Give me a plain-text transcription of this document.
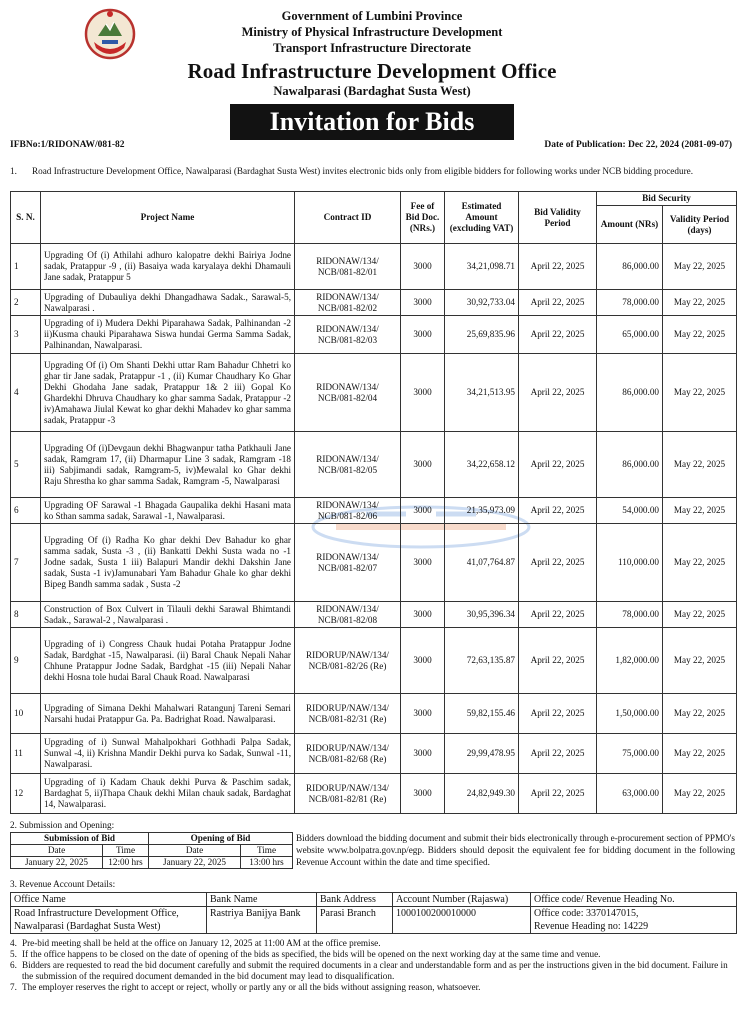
Government of Lumbini Province
Ministry of Physical Infrastructure Development
Transport Infrastructure Directorate
Road Infrastructure Development Office
Nawalparasi (Bardaghat Susta West)
Invitation for Bids
IFBNo:1/RIDONAW/081-82	Date of Publication: Dec 22, 2024 (2081-09-07)
1. Road Infrastructure Development Office, Nawalparasi (Bardaghat Susta West) invites electronic bids only from eligible bidders for following works under NCB bidding procedure.
S. N.	Project Name	Contract ID	Fee of Bid Doc. (NRs.)	Estimated Amount (excluding VAT)	Bid Validity Period	Bid Security	
						Amount (NRs)	Validity Period (days)
1	Upgrading Of (i) Athilahi adhuro kalopatre dekhi Bairiya Jodne sadak, Pratappur -9 , (ii) Basaiya wada karyalaya dekhi Dhamauli Jane sadak, Pratappur 5	RIDONAW/134/ NCB/081-82/01	3000	34,21,098.71	April 22, 2025	86,000.00	May 22, 2025
2	Upgrading of Dubauliya dekhi Dhangadhawa Sadak., Sarawal-5, Nawalparasi .	RIDONAW/134/ NCB/081-82/02	3000	30,92,733.04	April 22, 2025	78,000.00	May 22, 2025
3	Upgrading of i) Mudera Dekhi Piparahawa Sadak, Palhinandan -2 ii)Kusma chauki Piparahawa Siswa hundai Germa Samma Sadak, Palhinandan, Nawalparasi.	RIDONAW/134/ NCB/081-82/03	3000	25,69,835.96	April 22, 2025	65,000.00	May 22, 2025
4	Upgrading Of (i) Om Shanti Dekhi uttar Ram Bahadur Chhetri ko ghar tir Jane sadak, Pratappur -1 , (ii) Kumar Chaudhary Ko Ghar Dekhi Ghodaha Jane sadak, Pratappur 1& 2 iii) Gopal Ko Ghardekhi Dhruva Chaudhary ko ghar samma Sadak, Pratappur -2 iv)Amahawa Jiulal Kewat ko ghar dekhi Mahadev ko ghar samma sadak, Pratappur -3	RIDONAW/134/ NCB/081-82/04	3000	34,21,513.95	April 22, 2025	86,000.00	May 22, 2025
5	Upgrading Of (i)Devgaun dekhi Bhagwanpur tatha Patkhauli Jane sadak, Ramgram 17, (ii) Dharmapur Line 3 sadak, Ramgram -18 iii) Sabjimandi sadak, Ramgram-5, iv)Mewalal ko Ghar dekhi Raju Shrestha ko ghar samma Sadak, Ramgram -5, Nawalparasi	RIDONAW/134/ NCB/081-82/05	3000	34,22,658.12	April 22, 2025	86,000.00	May 22, 2025
6	Upgrading OF Sarawal -1 Bhagada Gaupalika dekhi Hasani mata ko Sthan samma sadak, Sarawal -1, Nawalparasi.	RIDONAW/134/ NCB/081-82/06	3000	21,35,973.09	April 22, 2025	54,000.00	May 22, 2025
7	Upgrading Of (i) Radha Ko ghar dekhi Dev Bahadur ko ghar samma sadak, Susta -3 , (ii) Bankatti Dekhi Susta wada no -1 Jodne sadak, Susta 1 iii) Balapuri Mandir dekhi Dakshin Jane sadak, Susta -1 iv)Jamunabari Yam Bahadur Ghale ko ghar dekhi Bipeg Bandh samma sadak , Susta -2	RIDONAW/134/ NCB/081-82/07	3000	41,07,764.87	April 22, 2025	110,000.00	May 22, 2025
8	Construction of Box Culvert in Tilauli dekhi Sarawal Bhimtandi Sadak., Sarawal-2 , Nawalparasi .	RIDONAW/134/ NCB/081-82/08	3000	30,95,396.34	April 22, 2025	78,000.00	May 22, 2025
9	Upgrading of i) Congress Chauk hudai Potaha Pratappur Jodne Sadak, Bardghat -15, Nawalparasi. (ii) Baral Chauk Nepali Nahar Chhune Pratappur Jodne Sadak, Bardghat -15 (iii) Nepali Nahar dekhi Hosna tole hudai Baral Chauk Road. Nawalparasi	RIDORUP/NAW/134/ NCB/081-82/26 (Re)	3000	72,63,135.87	April 22, 2025	1,82,000.00	May 22, 2025
10	Upgrading of Simana Dekhi Mahalwari Ratangunj Tareni Semari Narsahi hudai Pratappur Ga. Pa. Badrighat Road. Nawalparasi.	RIDORUP/NAW/134/ NCB/081-82/31 (Re)	3000	59,82,155.46	April 22, 2025	1,50,000.00	May 22, 2025
11	Upgrading of i) Sunwal Mahalpokhari Gothhadi Palpa Sadak, Sunwal -4, ii) Krishna Mandir Dekhi purva ko Sadak, Sunwal -11, Nawalparasi.	RIDORUP/NAW/134/ NCB/081-82/68 (Re)	3000	29,99,478.95	April 22, 2025	75,000.00	May 22, 2025
12	Upgrading of i) Kadam Chauk dekhi Purva & Paschim sadak, Bardaghat 5, ii)Thapa Chauk dekhi Milan chauk sadak, Bardaghat 14, Nawalparasi.	RIDORUP/NAW/134/ NCB/081-82/81 (Re)	3000	24,82,949.30	April 22, 2025	63,000.00	May 22, 2025
2. Submission and Opening:
Submission of Bid		Opening of Bid	
Date	Time	Date	Time
January 22, 2025	12:00 hrs	January 22, 2025	13:00 hrs
Bidders download the bidding document and submit their bids electronically through e-procurement section of PPMO's website www.bolpatra.gov.np/egp. Bidders should deposit the equivalent fee for bidding document in the following Revenue Account within the date and time specified.
3. Revenue Account Details:
Office Name	Bank Name	Bank Address	Account Number (Rajaswa)	Office code/ Revenue Heading No.
Road Infrastructure Development Office, Nawalparasi (Bardaghat Susta West)	Rastriya Banijya Bank	Parasi Branch	1000100200010000	Office code: 3370147015,
Revenue Heading no: 14229
4. Pre-bid meeting shall be held at the office on January 12, 2025 at 11:00 AM at the office premise.
5. If the office happens to be closed on the date of opening of the bids as specified, the bids will be opened on the next working day at the same time and venue.
6. Bidders are requested to read the bid document carefully and submit the required documents in a clear and understandable form and as per the instructions given in the bid document. Failure in the submission of the required document demanded in the bid document may lead to disqualification.
7. The employer reserves the right to accept or reject, wholly or partly any or all the bids without assigning reason, whatsoever.
